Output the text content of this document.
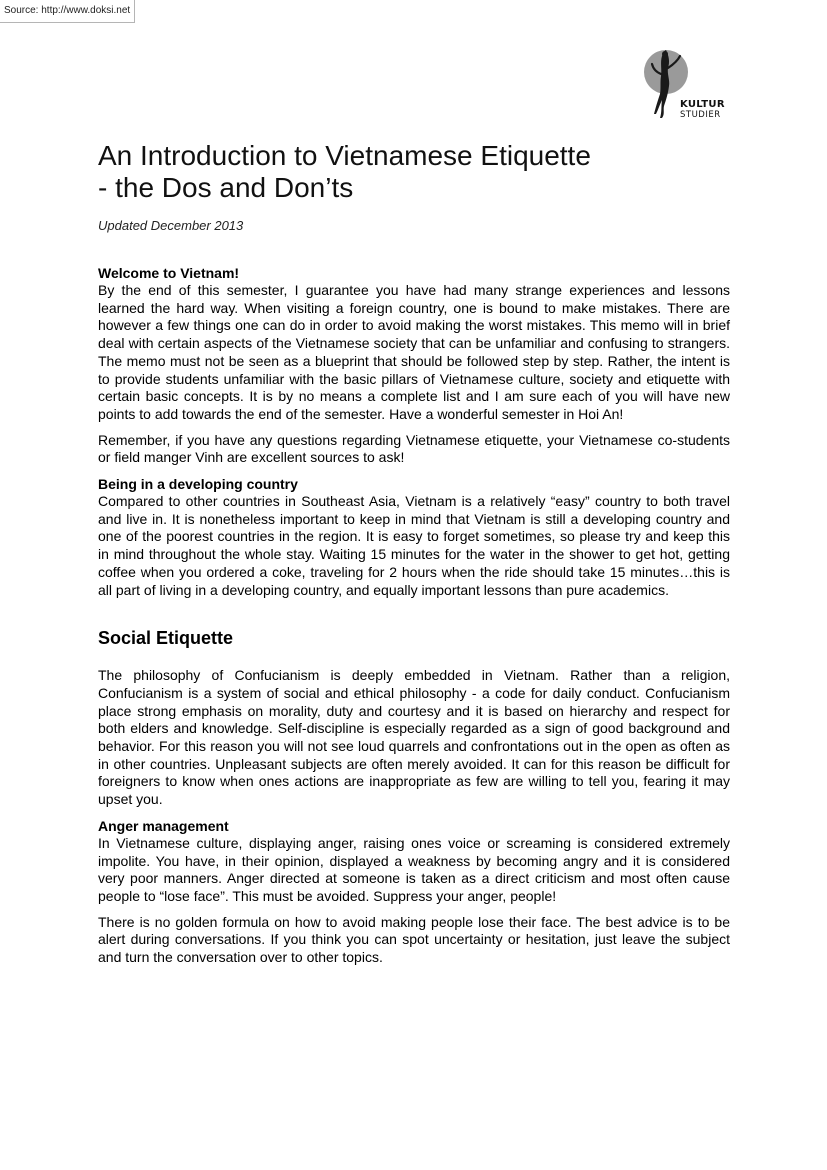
Source: http://www.doksi.net
KULTUR
STUDIER
An Introduction to Vietnamese Etiquette
- the Dos and Don’ts

Updated December 2013

Welcome to Vietnam!

By the end of this semester, I guarantee you have had many strange experiences and lessons learned the hard way. When visiting a foreign country, one is bound to make mistakes. There are however a few things one can do in order to avoid making the worst mistakes. This memo will in brief deal with certain aspects of the Vietnamese society that can be unfamiliar and confusing to strangers. The memo must not be seen as a blueprint that should be followed step by step. Rather, the intent is to provide students unfamiliar with the basic pillars of Vietnamese culture, society and etiquette with certain basic concepts. It is by no means a complete list and I am sure each of you will have new points to add towards the end of the semester. Have a wonderful semester in Hoi An!

Remember, if you have any questions regarding Vietnamese etiquette, your Vietnamese co-students or field manger Vinh are excellent sources to ask!

Being in a developing country

Compared to other countries in Southeast Asia, Vietnam is a relatively “easy” country to both travel and live in. It is nonetheless important to keep in mind that Vietnam is still a developing country and one of the poorest countries in the region. It is easy to forget sometimes, so please try and keep this in mind throughout the whole stay. Waiting 15 minutes for the water in the shower to get hot, getting coffee when you ordered a coke, traveling for 2 hours when the ride should take 15 minutes…this is all part of living in a developing country, and equally important lessons than pure academics.

Social Etiquette

The philosophy of Confucianism is deeply embedded in Vietnam. Rather than a religion, Confucianism is a system of social and ethical philosophy - a code for daily conduct. Confucianism place strong emphasis on morality, duty and courtesy and it is based on hierarchy and respect for both elders and knowledge. Self-discipline is especially regarded as a sign of good background and behavior. For this reason you will not see loud quarrels and confrontations out in the open as often as in other countries. Unpleasant subjects are often merely avoided. It can for this reason be difficult for foreigners to know when ones actions are inappropriate as few are willing to tell you, fearing it may upset you.

Anger management

In Vietnamese culture, displaying anger, raising ones voice or screaming is considered extremely impolite. You have, in their opinion, displayed a weakness by becoming angry and it is considered very poor manners. Anger directed at someone is taken as a direct criticism and most often cause people to “lose face”. This must be avoided. Suppress your anger, people!

There is no golden formula on how to avoid making people lose their face. The best advice is to be alert during conversations. If you think you can spot uncertainty or hesitation, just leave the subject and turn the conversation over to other topics.
